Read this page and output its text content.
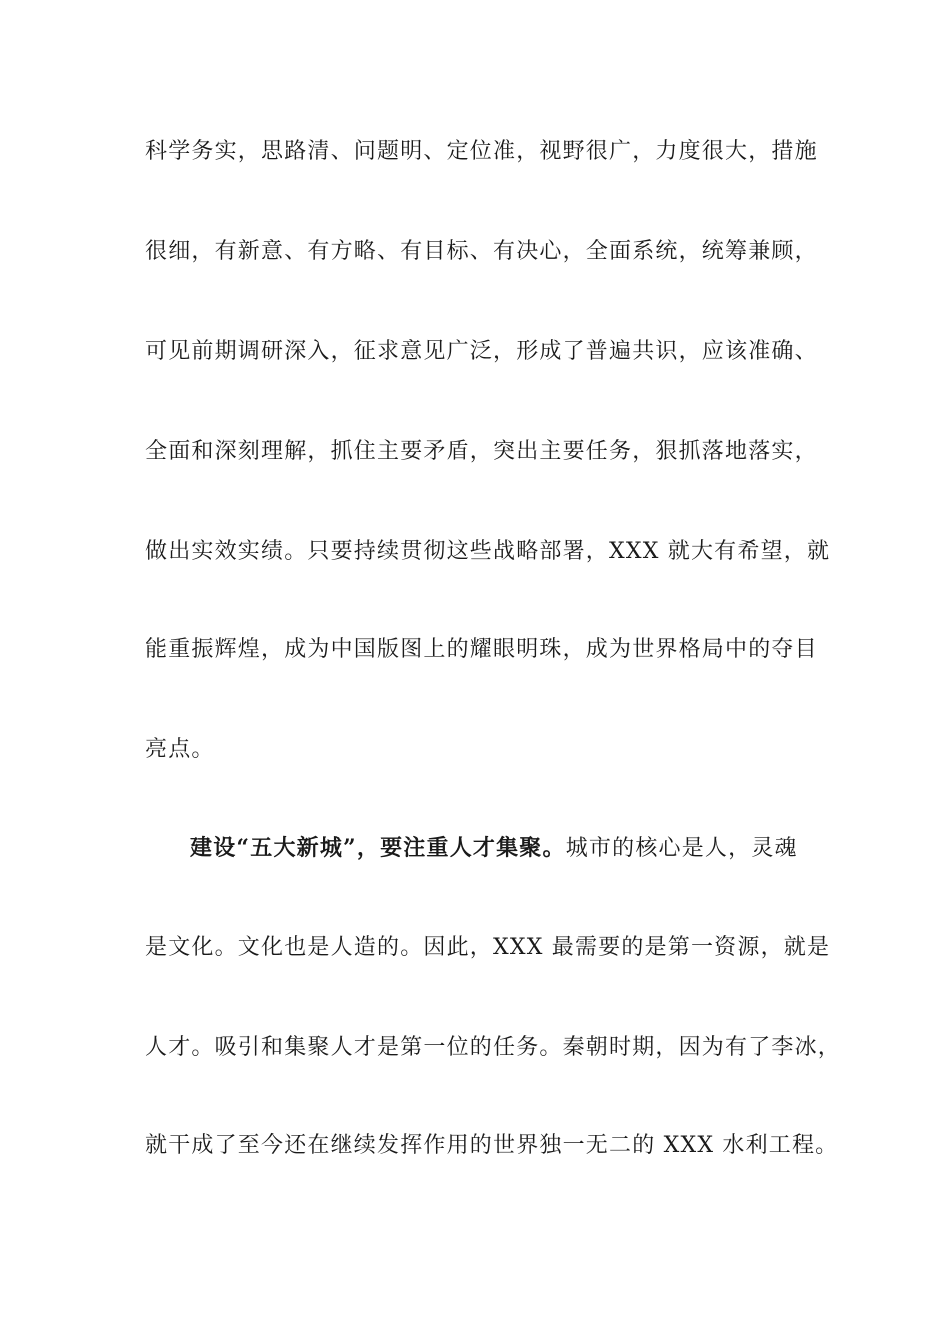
科学务实，思路清、问题明、定位准，视野很广，力度很大，措施
很细，有新意、有方略、有目标、有决心，全面系统，统筹兼顾，
可见前期调研深入，征求意见广泛，形成了普遍共识，应该准确、
全面和深刻理解，抓住主要矛盾，突出主要任务，狠抓落地落实，
做出实效实绩。只要持续贯彻这些战略部署，XXX 就大有希望，就
能重振辉煌，成为中国版图上的耀眼明珠，成为世界格局中的夺目
亮点。
建设“五大新城”，要注重人才集聚。城市的核心是人，灵魂
是文化。文化也是人造的。因此，XXX 最需要的是第一资源，就是
人才。吸引和集聚人才是第一位的任务。秦朝时期，因为有了李冰，
就干成了至今还在继续发挥作用的世界独一无二的 XXX 水利工程。
